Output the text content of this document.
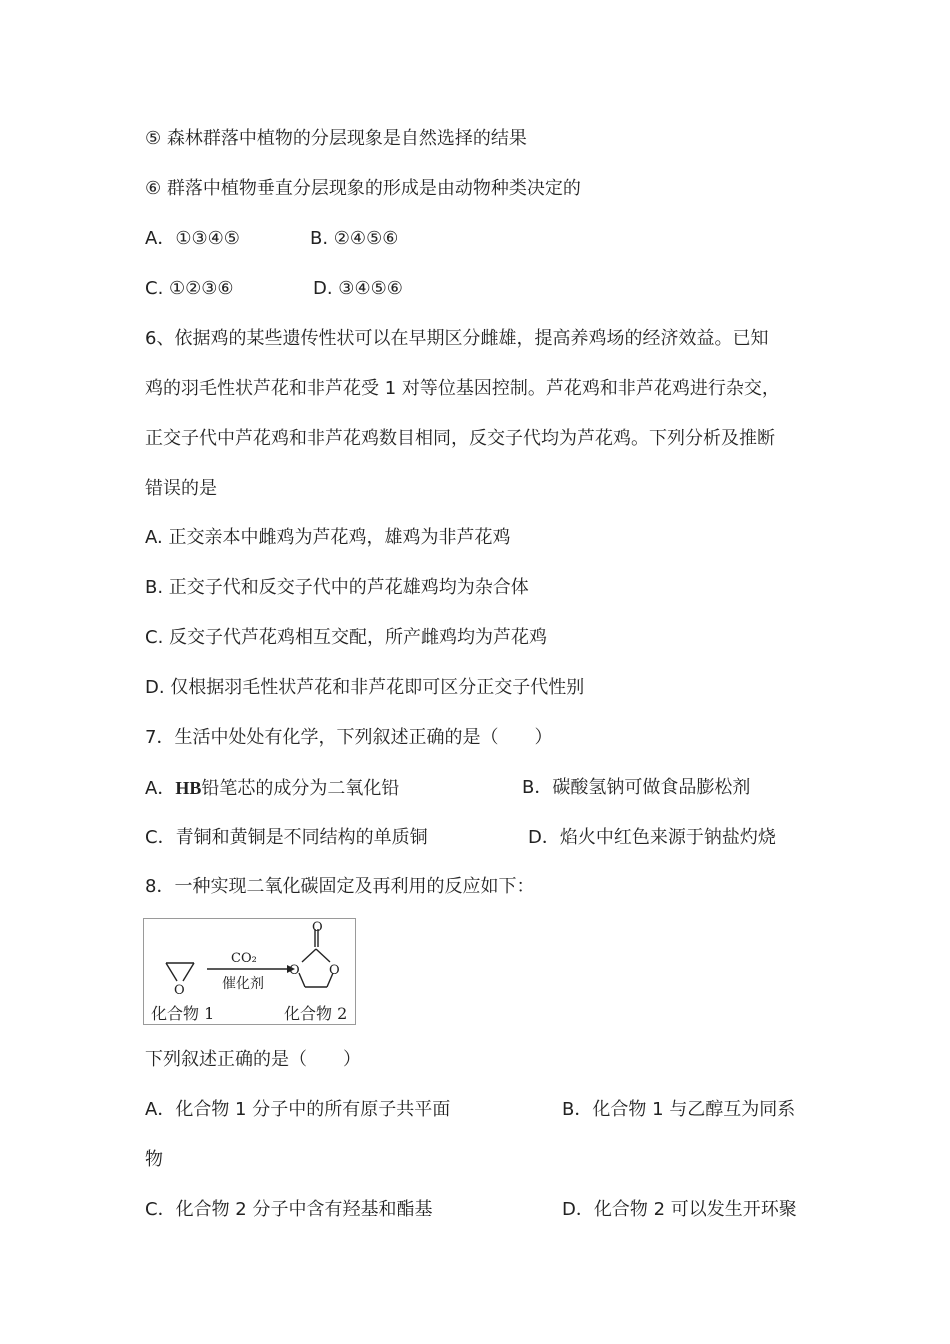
⑤ 森林群落中植物的分层现象是自然选择的结果
⑥ 群落中植物垂直分层现象的形成是由动物种类决定的
A．①③④⑤	B. ②④⑤⑥
C. ①②③⑥	D. ③④⑤⑥
6、依据鸡的某些遗传性状可以在早期区分雌雄，提高养鸡场的经济效益。已知
鸡的羽毛性状芦花和非芦花受 1 对等位基因控制。芦花鸡和非芦花鸡进行杂交，
正交子代中芦花鸡和非芦花鸡数目相同，反交子代均为芦花鸡。下列分析及推断
错误的是
A. 正交亲本中雌鸡为芦花鸡，雄鸡为非芦花鸡
B. 正交子代和反交子代中的芦花雄鸡均为杂合体
C. 反交子代芦花鸡相互交配，所产雌鸡均为芦花鸡
D. 仅根据羽毛性状芦花和非芦花即可区分正交子代性别
7．生活中处处有化学，下列叙述正确的是（　　）
A．HB铅笔芯的成分为二氧化铅	B．碳酸氢钠可做食品膨松剂
C．青铜和黄铜是不同结构的单质铜	D．焰火中红色来源于钠盐灼烧
8．一种实现二氧化碳固定及再利用的反应如下：
O
CO₂
催化剂
O
O O
化合物 1	化合物 2
下列叙述正确的是（　　）
A．化合物 1 分子中的所有原子共平面	B．化合物 1 与乙醇互为同系
物
C．化合物 2 分子中含有羟基和酯基	D．化合物 2 可以发生开环聚
